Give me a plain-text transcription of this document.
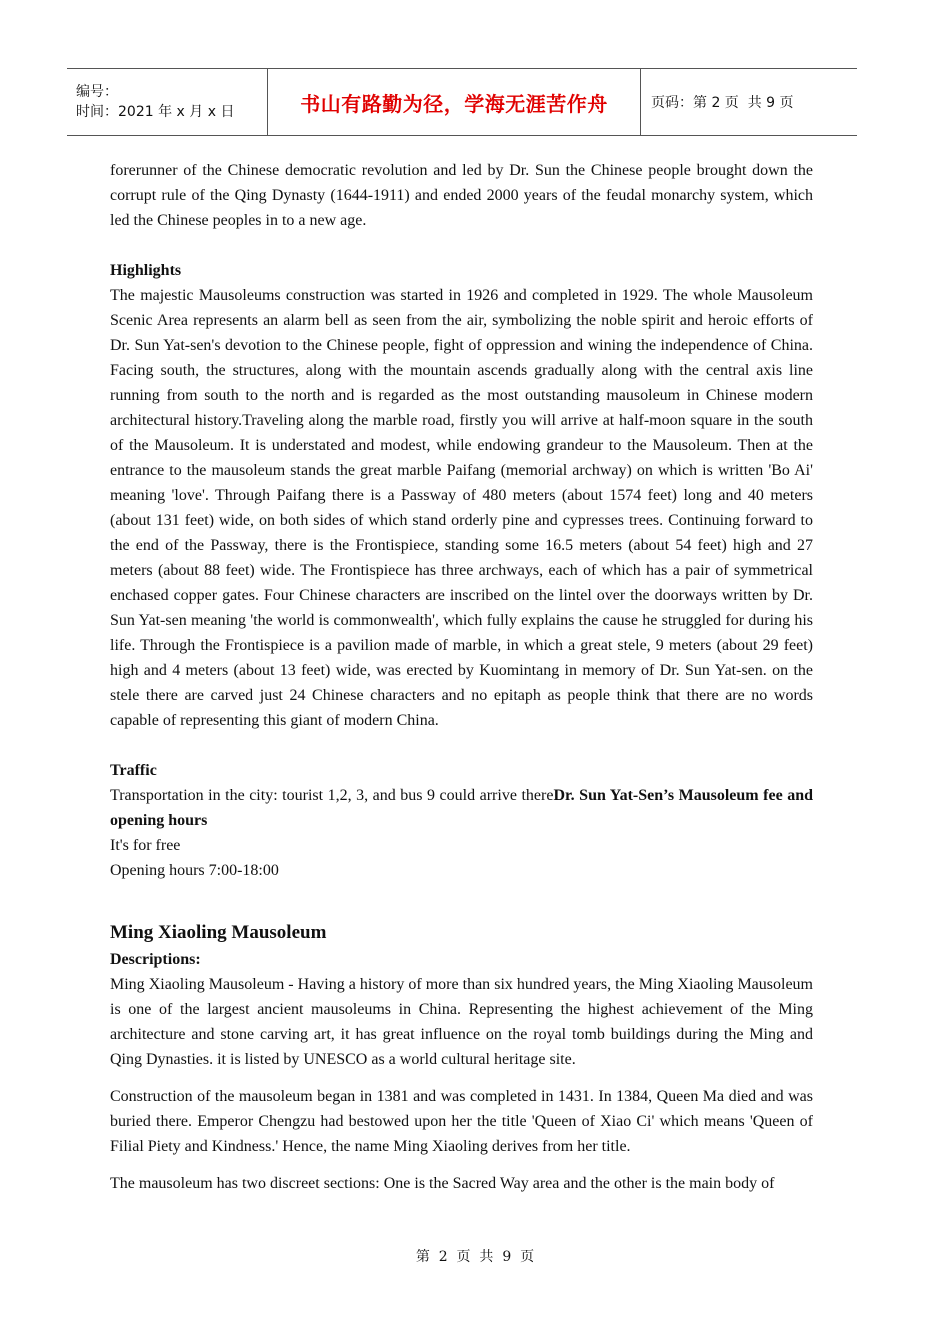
编号：
时间：2021 年 x 月 x 日	书山有路勤为径，学海无涯苦作舟	页码：第 2 页  共 9 页

forerunner of the Chinese democratic revolution and led by Dr. Sun the Chinese people brought down the corrupt rule of the Qing Dynasty (1644-1911) and ended 2000 years of the feudal monarchy system, which led the Chinese peoples in to a new age.

Highlights

The majestic Mausoleums construction was started in 1926 and completed in 1929. The whole Mausoleum Scenic Area represents an alarm bell as seen from the air, symbolizing the noble spirit and heroic efforts of Dr. Sun Yat-sen's devotion to the Chinese people, fight of oppression and wining the independence of China. Facing south, the structures, along with the mountain ascends gradually along with the central axis line running from south to the north and is regarded as the most outstanding mausoleum in Chinese modern architectural history.Traveling along the marble road, firstly you will arrive at half-moon square in the south of the Mausoleum. It is understated and modest, while endowing grandeur to the Mausoleum. Then at the entrance to the mausoleum stands the great marble Paifang (memorial archway) on which is written 'Bo Ai' meaning 'love'. Through Paifang there is a Passway of 480 meters (about 1574 feet) long and 40 meters (about 131 feet) wide, on both sides of which stand orderly pine and cypresses trees. Continuing forward to the end of the Passway, there is the Frontispiece, standing some 16.5 meters (about 54 feet) high and 27 meters (about 88 feet) wide. The Frontispiece has three archways, each of which has a pair of symmetrical enchased copper gates. Four Chinese characters are inscribed on the lintel over the doorways written by Dr. Sun Yat-sen meaning 'the world is commonwealth', which fully explains the cause he struggled for during his life. Through the Frontispiece is a pavilion made of marble, in which a great stele, 9 meters (about 29 feet) high and 4 meters (about 13 feet) wide, was erected by Kuomintang in memory of Dr. Sun Yat-sen. on the stele there are carved just 24 Chinese characters and no epitaph as people think that there are no words capable of representing this giant of modern China.

Traffic

Transportation in the city: tourist 1,2, 3, and bus 9 could arrive thereDr. Sun Yat-Sen’s Mausoleum fee and opening hours

It's for free

Opening hours 7:00-18:00

Ming Xiaoling Mausoleum

Descriptions:

Ming Xiaoling Mausoleum - Having a history of more than six hundred years, the Ming Xiaoling Mausoleum is one of the largest ancient mausoleums in China. Representing the highest achievement of the Ming architecture and stone carving art, it has great influence on the royal tomb buildings during the Ming and Qing Dynasties. it is listed by UNESCO as a world cultural heritage site.

Construction of the mausoleum began in 1381 and was completed in 1431. In 1384, Queen Ma died and was buried there. Emperor Chengzu had bestowed upon her the title 'Queen of Xiao Ci' which means 'Queen of Filial Piety and Kindness.' Hence, the name Ming Xiaoling derives from her title.

The mausoleum has two discreet sections: One is the Sacred Way area and the other is the main body of

第  2  页  共  9  页
